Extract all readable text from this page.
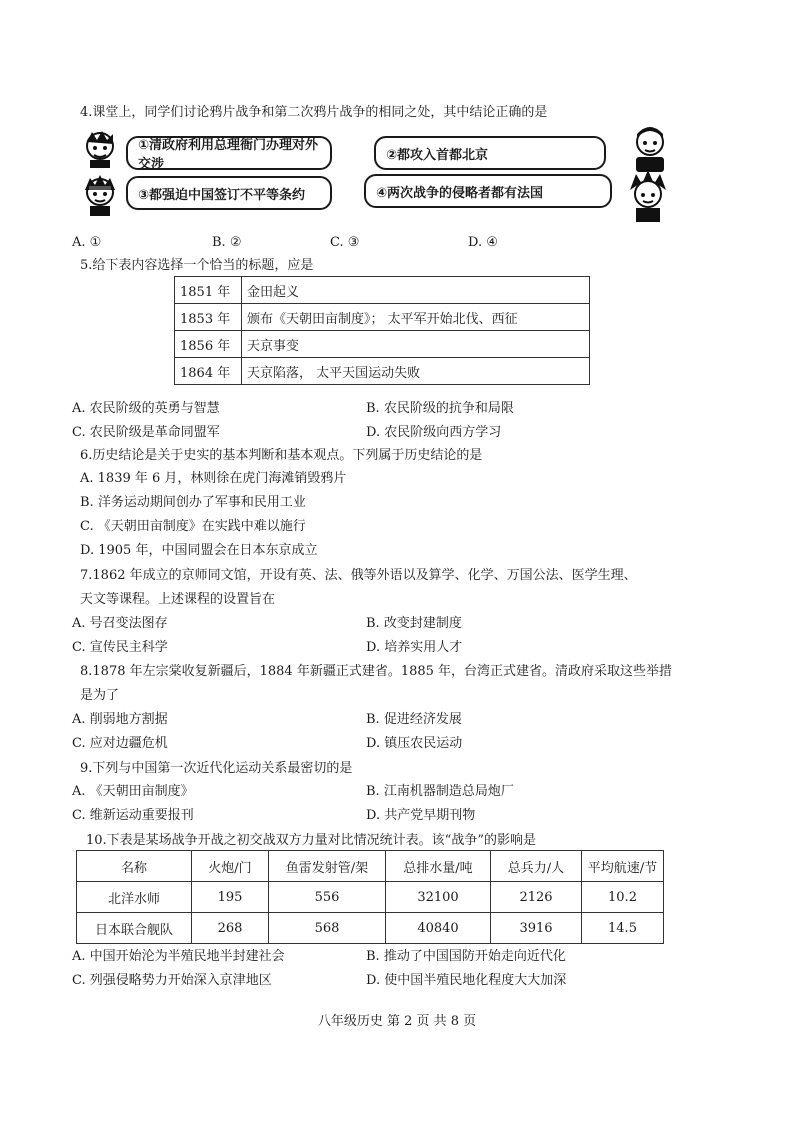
4.课堂上，同学们讨论鸦片战争和第二次鸦片战争的相同之处，其中结论正确的是
①清政府利用总理衙门办理对外交涉
②都攻入首都北京
③都强迫中国签订不平等条约	④两次战争的侵略者都有法国
A. ①	B. ②	C. ③	D. ④
5.给下表内容选择一个恰当的标题，应是
1851 年	金田起义
1853 年	颁布《天朝田亩制度》； 太平军开始北伐、西征
1856 年	天京事变
1864 年	天京陷落， 太平天国运动失败
A. 农民阶级的英勇与智慧	B. 农民阶级的抗争和局限
C. 农民阶级是革命同盟军	D. 农民阶级向西方学习
6.历史结论是关于史实的基本判断和基本观点。下列属于历史结论的是
A. 1839 年 6 月，林则徐在虎门海滩销毁鸦片
B. 洋务运动期间创办了军事和民用工业
C. 《天朝田亩制度》在实践中难以施行
D. 1905 年，中国同盟会在日本东京成立
7.1862 年成立的京师同文馆，开设有英、法、俄等外语以及算学、化学、万国公法、医学生理、
天文等课程。上述课程的设置旨在
A. 号召变法图存	B. 改变封建制度
C. 宣传民主科学	D. 培养实用人才
8.1878 年左宗棠收复新疆后，1884 年新疆正式建省。1885 年，台湾正式建省。清政府采取这些举措
是为了
A. 削弱地方割据	B. 促进经济发展
C. 应对边疆危机	D. 镇压农民运动
9.下列与中国第一次近代化运动关系最密切的是
A. 《天朝田亩制度》	B. 江南机器制造总局炮厂
C. 维新运动重要报刊	D. 共产党早期刊物
10.下表是某场战争开战之初交战双方力量对比情况统计表。该“战争”的影响是
名称	火炮/门	鱼雷发射管/架	总排水量/吨	总兵力/人	平均航速/节
北洋水师	195	556	32100	2126	10.2
日本联合舰队	268	568	40840	3916	14.5
A. 中国开始沦为半殖民地半封建社会	B. 推动了中国国防开始走向近代化
C. 列强侵略势力开始深入京津地区	D. 使中国半殖民地化程度大大加深
八年级历史 第 2 页 共 8 页
